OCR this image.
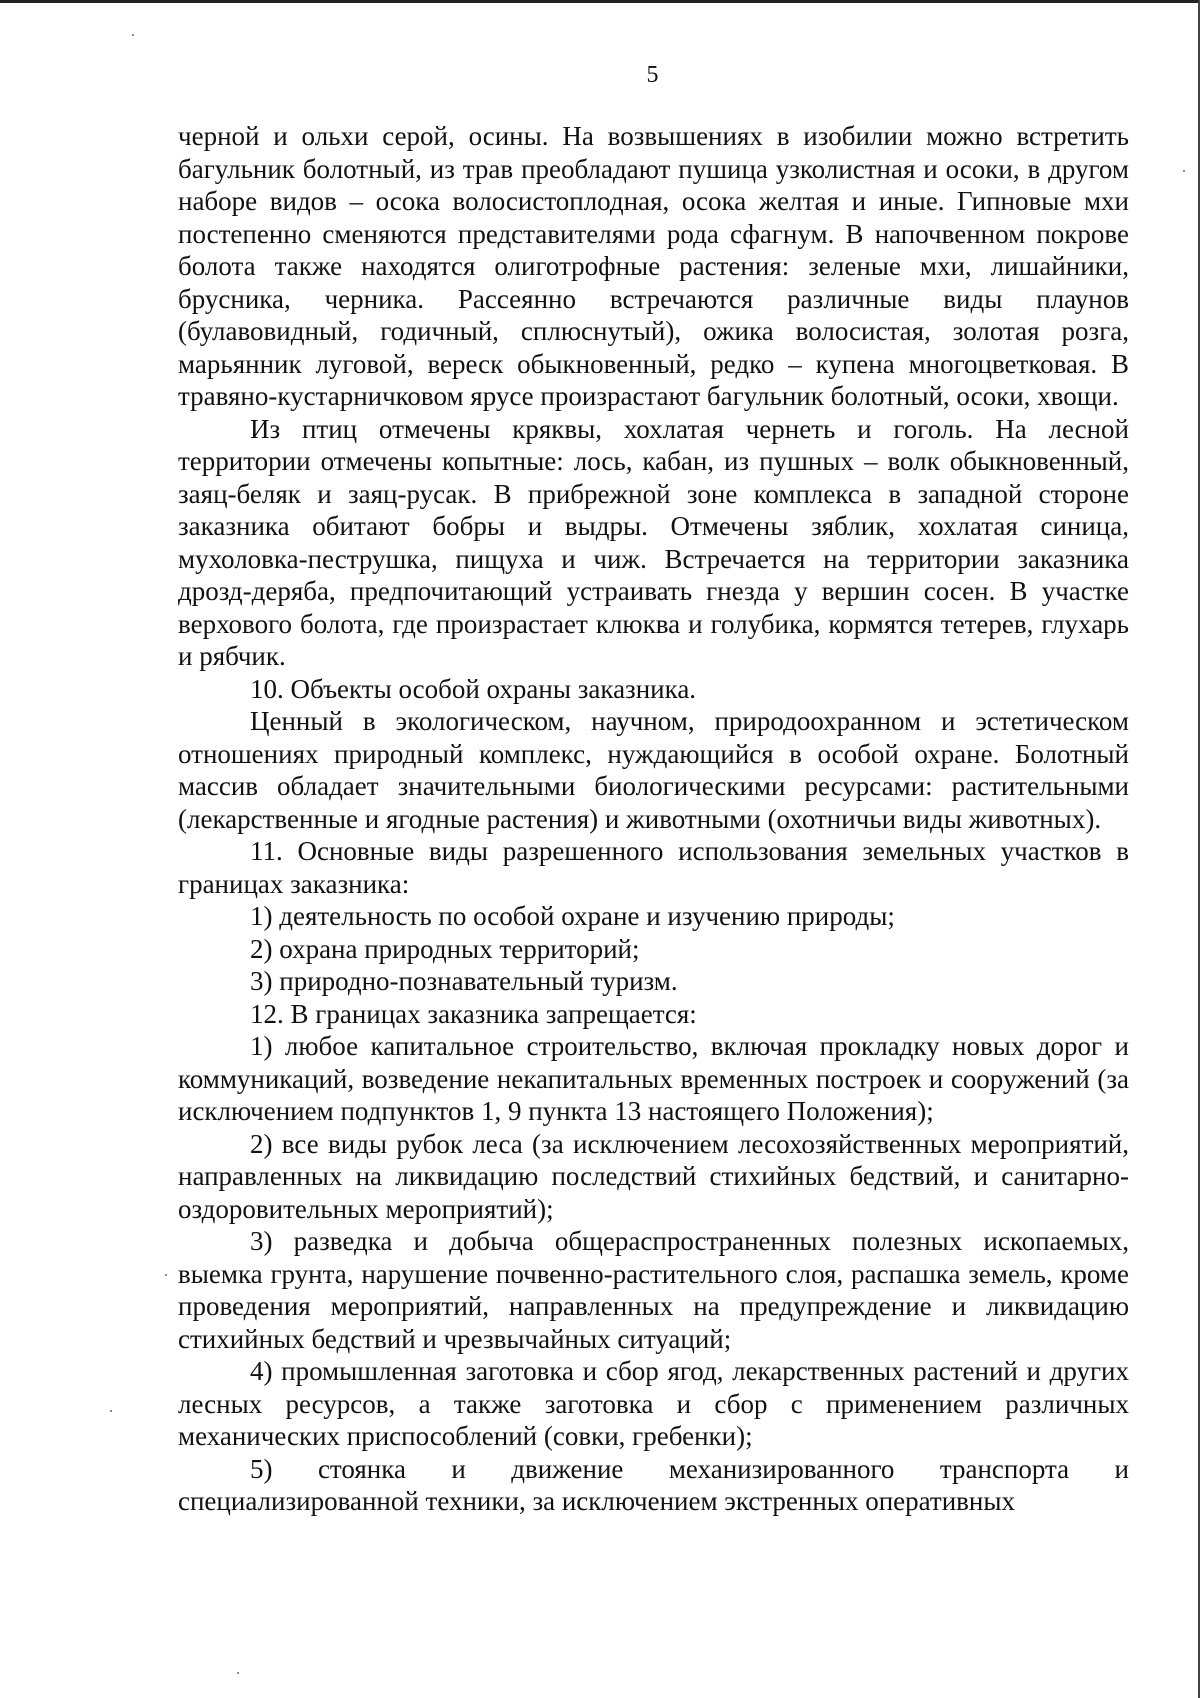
5

черной и ольхи серой, осины. На возвышениях в изобилии можно встретить багульник болотный, из трав преобладают пушица узколистная и осоки, в другом наборе видов – осока волосистоплодная, осока желтая и иные. Гипновые мхи постепенно сменяются представителями рода сфагнум. В напочвенном покрове болота также находятся олиготрофные растения: зеленые мхи, лишайники, брусника, черника. Рассеянно встречаются различные виды плаунов (булавовидный, годичный, сплюснутый), ожика волосистая, золотая розга, марьянник луговой, вереск обыкновенный, редко – купена многоцветковая. В травяно-кустарничковом ярусе произрастают багульник болотный, осоки, хвощи.

Из птиц отмечены кряквы, хохлатая чернеть и гоголь. На лесной территории отмечены копытные: лось, кабан, из пушных – волк обыкновенный, заяц-беляк и заяц-русак. В прибрежной зоне комплекса в западной стороне заказника обитают бобры и выдры. Отмечены зяблик, хохлатая синица, мухоловка-пеструшка, пищуха и чиж. Встречается на территории заказника дрозд-деряба, предпочитающий устраивать гнезда у вершин сосен. В участке верхового болота, где произрастает клюква и голубика, кормятся тетерев, глухарь и рябчик.

10. Объекты особой охраны заказника.

Ценный в экологическом, научном, природоохранном и эстетическом отношениях природный комплекс, нуждающийся в особой охране. Болотный массив обладает значительными биологическими ресурсами: растительными (лекарственные и ягодные растения) и животными (охотничьи виды животных).

11. Основные виды разрешенного использования земельных участков в границах заказника:

1) деятельность по особой охране и изучению природы;

2) охрана природных территорий;

3) природно-познавательный туризм.

12. В границах заказника запрещается:

1) любое капитальное строительство, включая прокладку новых дорог и коммуникаций, возведение некапитальных временных построек и сооружений (за исключением подпунктов 1, 9 пункта 13 настоящего Положения);

2) все виды рубок леса (за исключением лесохозяйственных мероприятий, направленных на ликвидацию последствий стихийных бедствий, и санитарно-оздоровительных мероприятий);

3) разведка и добыча общераспространенных полезных ископаемых, выемка грунта, нарушение почвенно-растительного слоя, распашка земель, кроме проведения мероприятий, направленных на предупреждение и ликвидацию стихийных бедствий и чрезвычайных ситуаций;

4) промышленная заготовка и сбор ягод, лекарственных растений и других лесных ресурсов, а также заготовка и сбор с применением различных механических приспособлений (совки, гребенки);

5) стоянка и движение механизированного транспорта и специализированной техники, за исключением экстренных оперативных
